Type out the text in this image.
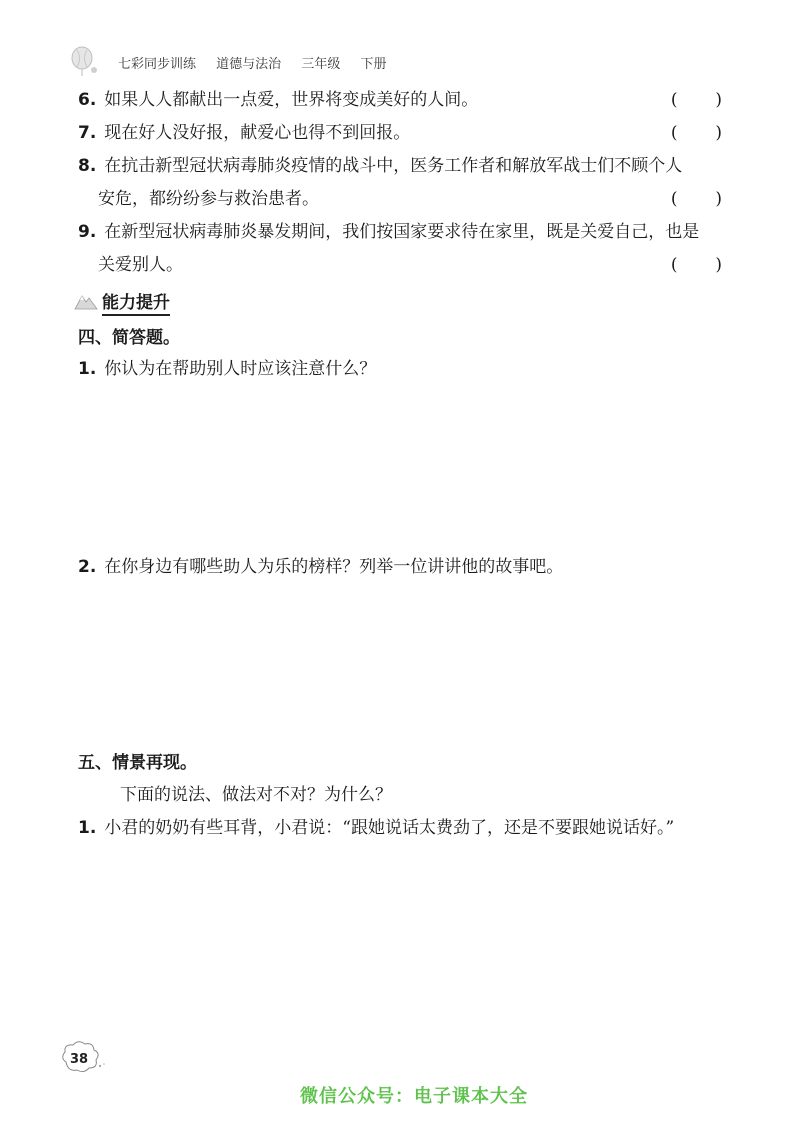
七彩同步训练 道德与法治 三年级 下册
6. 如果人人都献出一点爱，世界将变成美好的人间。	(       )
7. 现在好人没好报，献爱心也得不到回报。	(       )
8. 在抗击新型冠状病毒肺炎疫情的战斗中，医务工作者和解放军战士们不顾个人
安危，都纷纷参与救治患者。	(       )
9. 在新型冠状病毒肺炎暴发期间，我们按国家要求待在家里，既是关爱自己，也是
关爱别人。	(       )
能力提升
四、简答题。
1. 你认为在帮助别人时应该注意什么？
2. 在你身边有哪些助人为乐的榜样？列举一位讲讲他的故事吧。
五、情景再现。
下面的说法、做法对不对？为什么？
1. 小君的奶奶有些耳背，小君说：“跟她说话太费劲了，还是不要跟她说话好。”
38
微信公众号：电子课本大全
